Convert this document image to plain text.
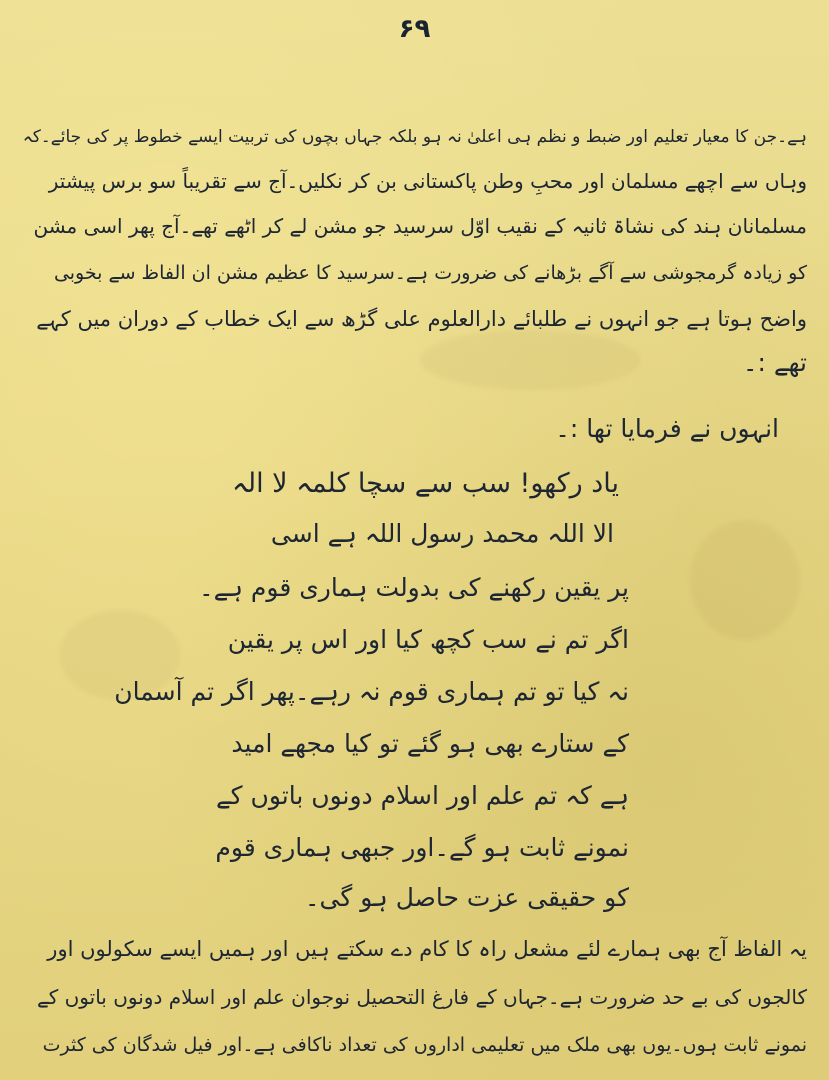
۶۹
ہے۔جن کا معیار تعلیم اور ضبط و نظم ہی اعلیٰ نہ ہو بلکہ جہاں بچوں کی تربیت ایسے خطوط پر کی جائے۔کہ
وہاں سے اچھے مسلمان اور محبِ وطن پاکستانی بن کر نکلیں۔آج سے تقریباً سو برس پیشتر
مسلمانان ہند کی نشاۃ ثانیہ کے نقیب اوّل سرسید جو مشن لے کر اٹھے تھے۔آج پھر اسی مشن
کو زیادہ گرمجوشی سے آگے بڑھانے کی ضرورت ہے۔سرسید کا عظیم مشن ان الفاظ سے بخوبی
واضح ہوتا ہے جو انہوں نے طلبائے دارالعلوم علی گڑھ سے ایک خطاب کے دوران میں کہے
تھے :۔
انہوں نے فرمایا تھا :۔
یاد رکھو! سب سے سچا کلمہ لا الہ
الا اللہ محمد رسول اللہ ہے اسی
پر یقین رکھنے کی بدولت ہماری قوم ہے۔
اگر تم نے سب کچھ کیا اور اس پر یقین
نہ کیا تو تم ہماری قوم نہ رہے۔پھر اگر تم آسمان
کے ستارے بھی ہو گئے تو کیا مجھے امید
ہے کہ تم علم اور اسلام دونوں باتوں کے
نمونے ثابت ہو گے۔اور جبھی ہماری قوم
کو حقیقی عزت حاصل ہو گی۔
یہ الفاظ آج بھی ہمارے لئے مشعل راہ کا کام دے سکتے ہیں اور ہمیں ایسے سکولوں اور
کالجوں کی بے حد ضرورت ہے۔جہاں کے فارغ التحصیل نوجوان علم اور اسلام دونوں باتوں کے
نمونے ثابت ہوں۔یوں بھی ملک میں تعلیمی اداروں کی تعداد ناکافی ہے۔اور فیل شدگان کی کثرت
